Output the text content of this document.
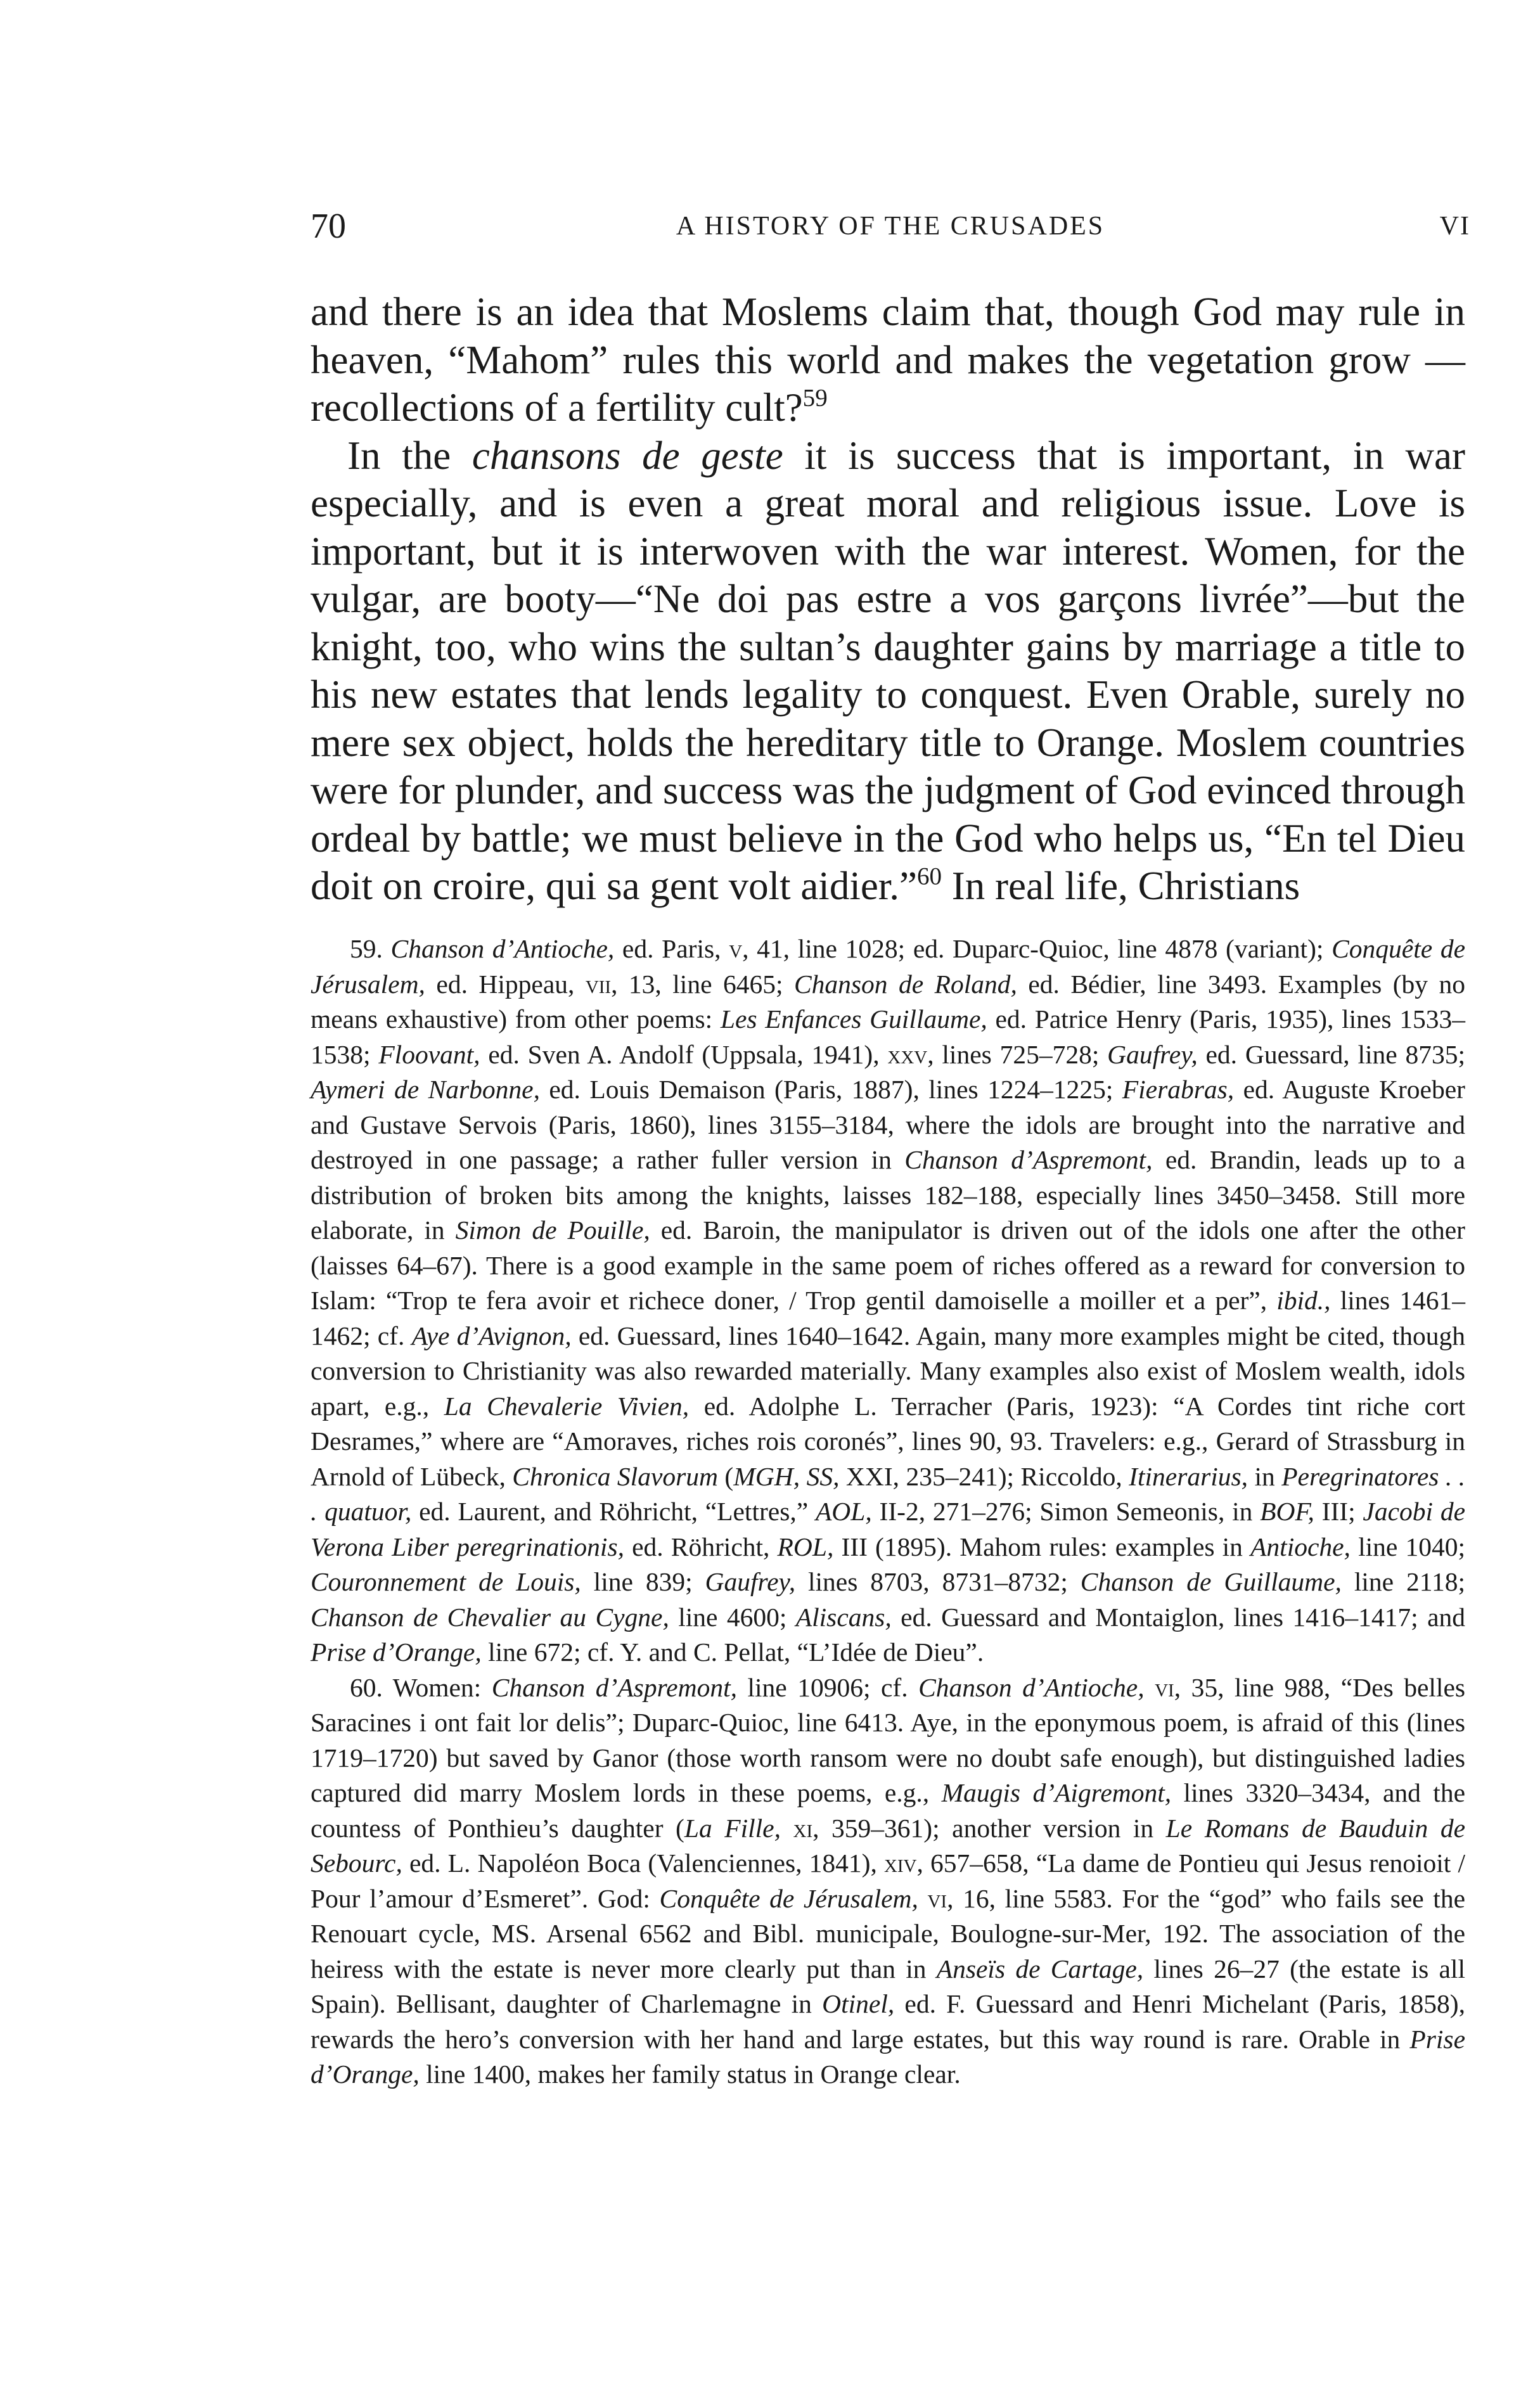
70	A HISTORY OF THE CRUSADES	VI

and there is an idea that Moslems claim that, though God may rule in heaven, “Mahom” rules this world and makes the vegetation grow —recollections of a fertility cult?$^{59}$

In the chansons de geste it is success that is important, in war especially, and is even a great moral and religious issue. Love is important, but it is interwoven with the war interest. Women, for the vulgar, are booty—“Ne doi pas estre a vos garçons livrée”—but the knight, too, who wins the sultan’s daughter gains by marriage a title to his new estates that lends legality to conquest. Even Orable, surely no mere sex object, holds the hereditary title to Orange. Moslem countries were for plunder, and success was the judgment of God evinced through ordeal by battle; we must believe in the God who helps us, “En tel Dieu doit on croire, qui sa gent volt aidier.”$^{60}$ In real life, Christians

59. Chanson d’Antioche, ed. Paris, v, 41, line 1028; ed. Duparc-Quioc, line 4878 (variant); Conquête de Jérusalem, ed. Hippeau, vii, 13, line 6465; Chanson de Roland, ed. Bédier, line 3493. Examples (by no means exhaustive) from other poems: Les Enfances Guillaume, ed. Patrice Henry (Paris, 1935), lines 1533–1538; Floovant, ed. Sven A. Andolf (Uppsala, 1941), xxv, lines 725–728; Gaufrey, ed. Guessard, line 8735; Aymeri de Narbonne, ed. Louis Demaison (Paris, 1887), lines 1224–1225; Fierabras, ed. Auguste Kroeber and Gustave Servois (Paris, 1860), lines 3155–3184, where the idols are brought into the narrative and destroyed in one passage; a rather fuller version in Chanson d’Aspremont, ed. Brandin, leads up to a distribution of broken bits among the knights, laisses 182–188, especially lines 3450–3458. Still more elaborate, in Simon de Pouille, ed. Baroin, the manipulator is driven out of the idols one after the other (laisses 64–67). There is a good example in the same poem of riches offered as a reward for conversion to Islam: “Trop te fera avoir et richece doner, / Trop gentil damoiselle a moiller et a per”, ibid., lines 1461–1462; cf. Aye d’Avignon, ed. Guessard, lines 1640–1642. Again, many more examples might be cited, though conversion to Christianity was also rewarded materially. Many examples also exist of Moslem wealth, idols apart, e.g., La Chevalerie Vivien, ed. Adolphe L. Terracher (Paris, 1923): “A Cordes tint riche cort Desrames,” where are “Amoraves, riches rois coronés”, lines 90, 93. Travelers: e.g., Gerard of Strassburg in Arnold of Lübeck, Chronica Slavorum (MGH, SS, XXI, 235–241); Riccoldo, Itinerarius, in Peregrinatores . . . quatuor, ed. Laurent, and Röhricht, “Lettres,” AOL, II-2, 271–276; Simon Semeonis, in BOF, III; Jacobi de Verona Liber peregrinationis, ed. Röhricht, ROL, III (1895). Mahom rules: examples in Antioche, line 1040; Couronnement de Louis, line 839; Gaufrey, lines 8703, 8731–8732; Chanson de Guillaume, line 2118; Chanson de Chevalier au Cygne, line 4600; Aliscans, ed. Guessard and Montaiglon, lines 1416–1417; and Prise d’Orange, line 672; cf. Y. and C. Pellat, “L’Idée de Dieu”.

60. Women: Chanson d’Aspremont, line 10906; cf. Chanson d’Antioche, vi, 35, line 988, “Des belles Saracines i ont fait lor delis”; Duparc-Quioc, line 6413. Aye, in the eponymous poem, is afraid of this (lines 1719–1720) but saved by Ganor (those worth ransom were no doubt safe enough), but distinguished ladies captured did marry Moslem lords in these poems, e.g., Maugis d’Aigremont, lines 3320–3434, and the countess of Ponthieu’s daughter (La Fille, xi, 359–361); another version in Le Romans de Bauduin de Sebourc, ed. L. Napoléon Boca (Valenciennes, 1841), xiv, 657–658, “La dame de Pontieu qui Jesus renoioit / Pour l’amour d’Esmeret”. God: Conquête de Jérusalem, vi, 16, line 5583. For the “god” who fails see the Renouart cycle, MS. Arsenal 6562 and Bibl. municipale, Boulogne-sur-Mer, 192. The association of the heiress with the estate is never more clearly put than in Anseïs de Cartage, lines 26–27 (the estate is all Spain). Bellisant, daughter of Charlemagne in Otinel, ed. F. Guessard and Henri Michelant (Paris, 1858), rewards the hero’s conversion with her hand and large estates, but this way round is rare. Orable in Prise d’Orange, line 1400, makes her family status in Orange clear.
